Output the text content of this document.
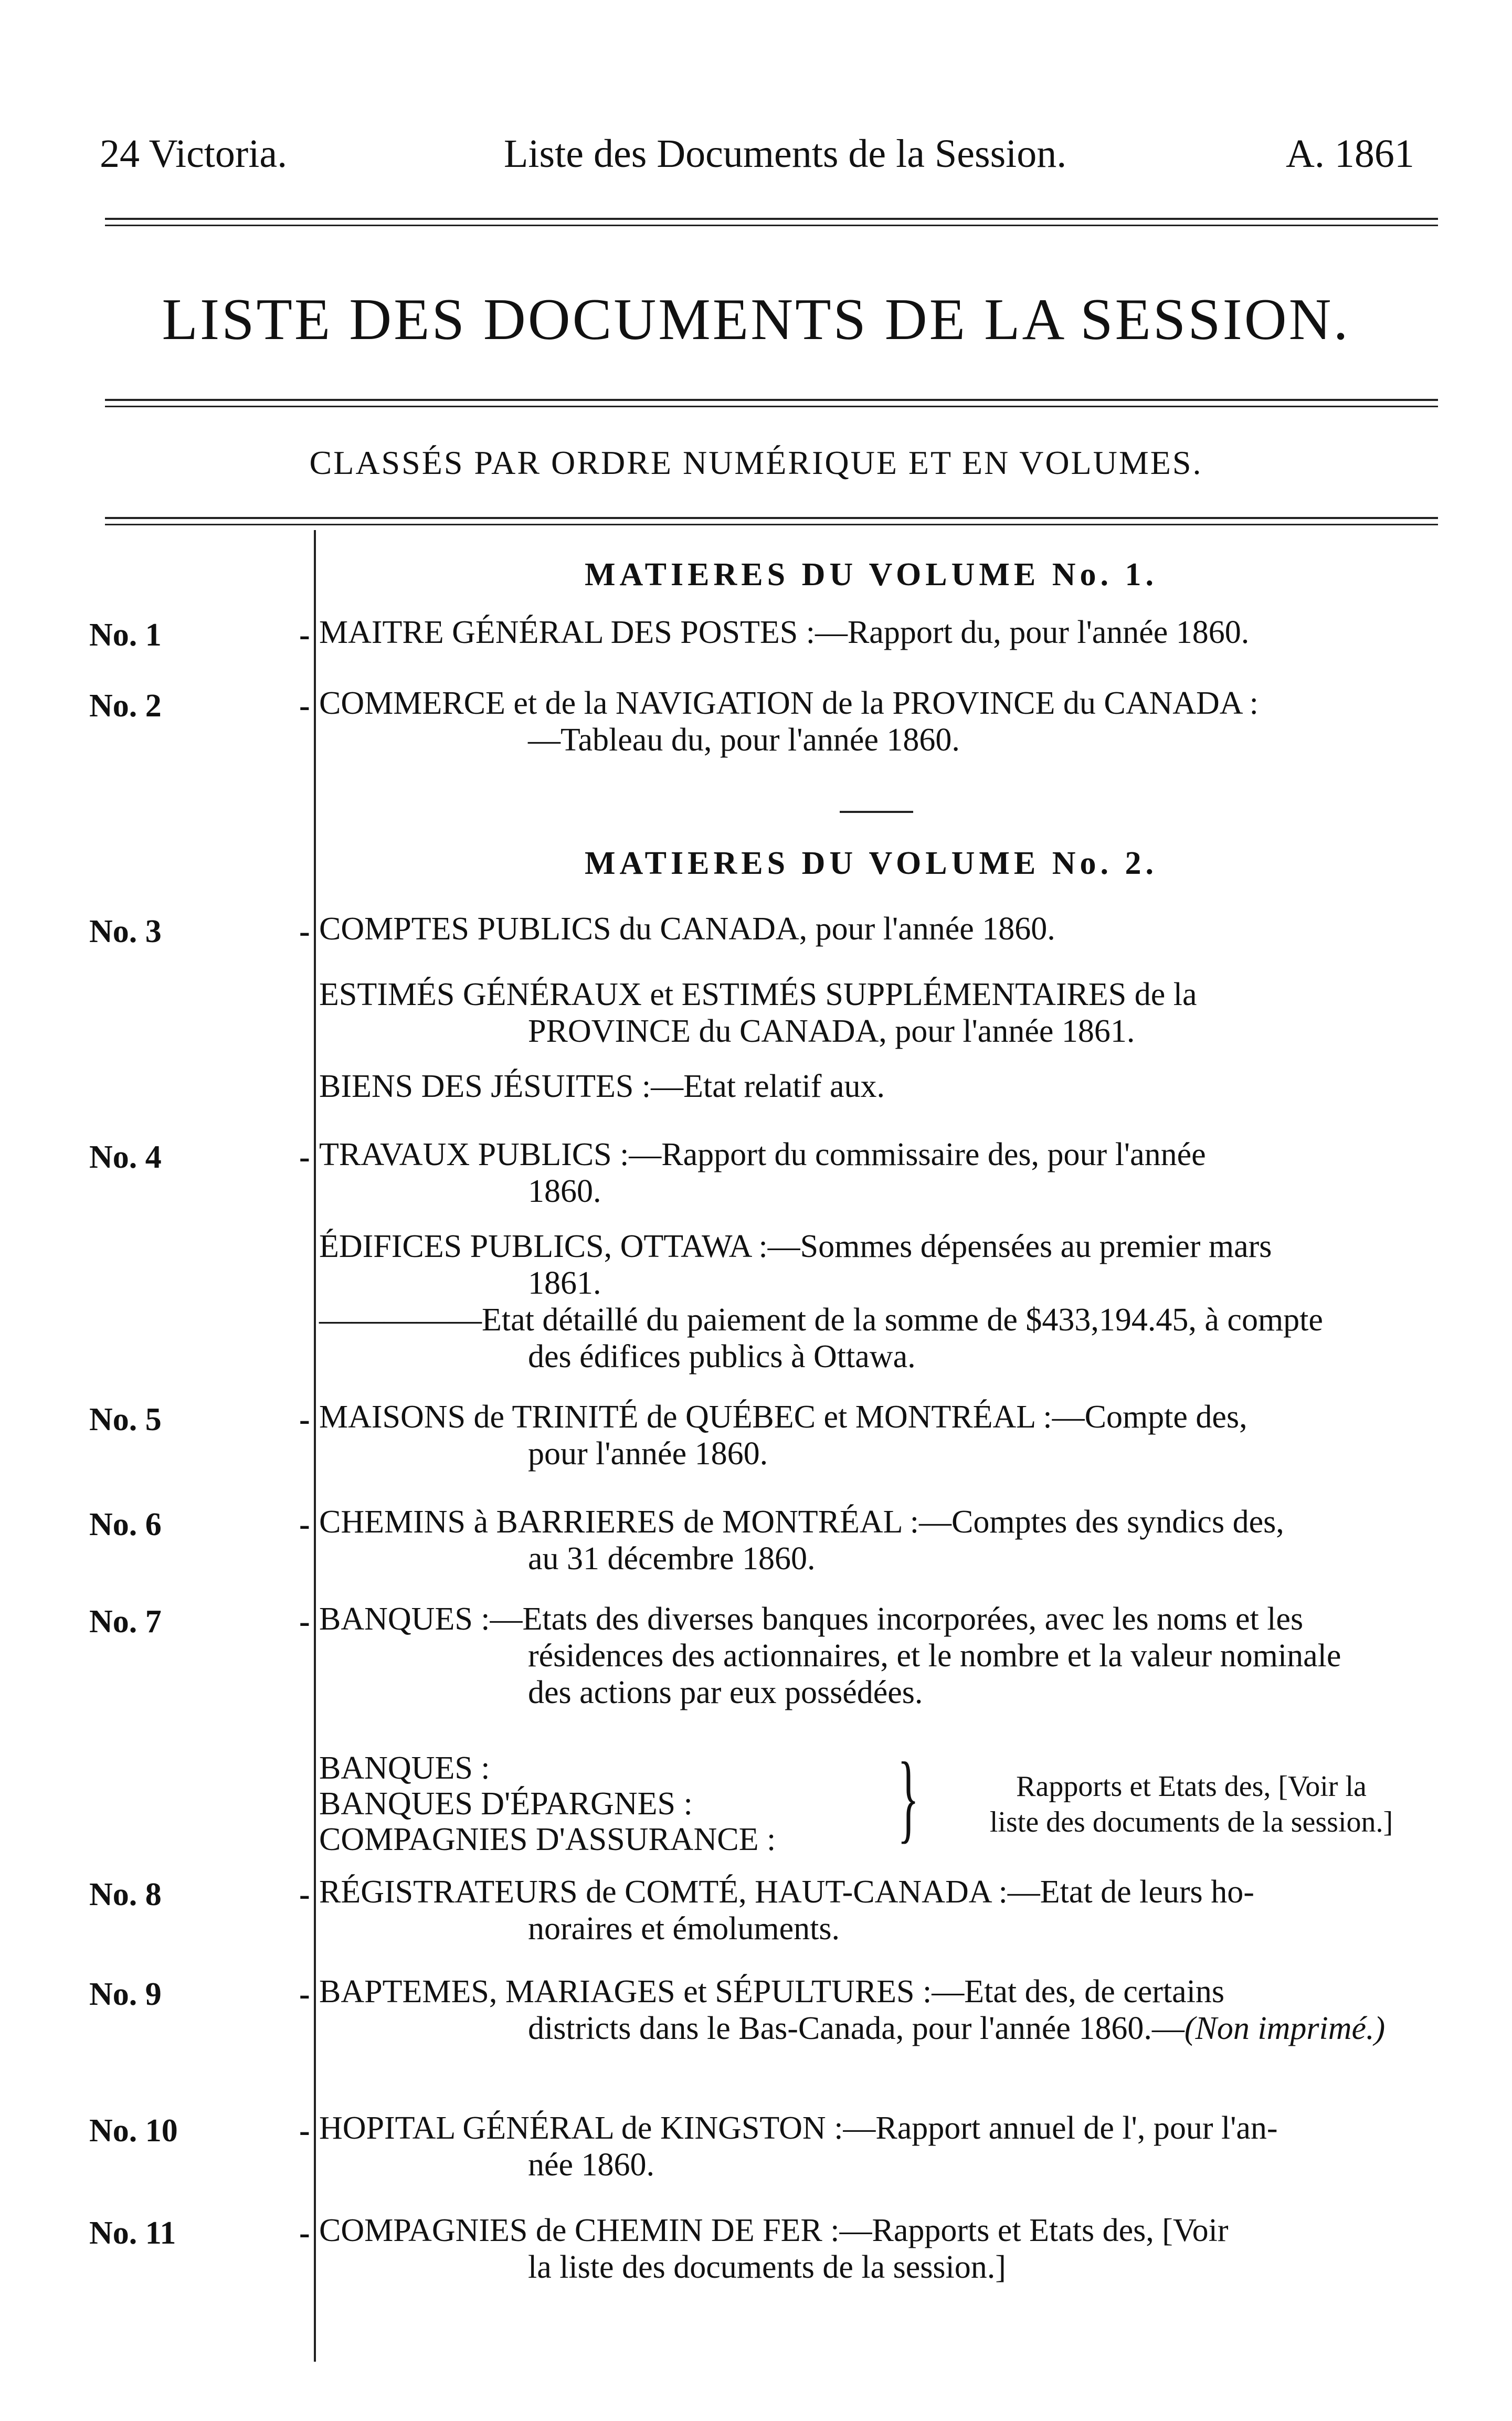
24 Victoria.	Liste des Documents de la Session.	A. 1861
LISTE DES DOCUMENTS DE LA SESSION.
CLASSÉS PAR ORDRE NUMÉRIQUE ET EN VOLUMES.
MATIERES DU VOLUME No. 1.
No. 1	- MAITRE GÉNÉRAL DES POSTES :—Rapport du, pour l'année 1860.
No. 2	- COMMERCE et de la NAVIGATION de la PROVINCE du CANADA :
—Tableau du, pour l'année 1860.
MATIERES DU VOLUME No. 2.
No. 3	- COMPTES PUBLICS du CANADA, pour l'année 1860.
ESTIMÉS GÉNÉRAUX et ESTIMÉS SUPPLÉMENTAIRES de la
PROVINCE du CANADA, pour l'année 1861.
BIENS DES JÉSUITES :—Etat relatif aux.
No. 4	- TRAVAUX PUBLICS :—Rapport du commissaire des, pour l'année
1860.
ÉDIFICES PUBLICS, OTTAWA :—Sommes dépensées au premier mars
1861.
—————Etat détaillé du paiement de la somme de $433,194.45, à compte
des édifices publics à Ottawa.
No. 5	- MAISONS de TRINITÉ de QUÉBEC et MONTRÉAL :—Compte des,
pour l'année 1860.
No. 6	- CHEMINS à BARRIERES de MONTRÉAL :—Comptes des syndics des,
au 31 décembre 1860.
No. 7	- BANQUES :—Etats des diverses banques incorporées, avec les noms et les
résidences des actionnaires, et le nombre et la valeur nominale
des actions par eux possédées.
BANQUES :
BANQUES D'ÉPARGNES :
COMPAGNIES D'ASSURANCE : }	Rapports et Etats des, [Voir la
liste des documents de la session.]
No. 8	- RÉGISTRATEURS de COMTÉ, HAUT-CANADA :—Etat de leurs ho-
noraires et émoluments.
No. 9	- BAPTEMES, MARIAGES et SÉPULTURES :—Etat des, de certains
districts dans le Bas-Canada, pour l'année 1860.—(Non imprimé.)
No. 10	- HOPITAL GÉNÉRAL de KINGSTON :—Rapport annuel de l', pour l'an-
née 1860.
No. 11	- COMPAGNIES de CHEMIN DE FER :—Rapports et Etats des, [Voir
la liste des documents de la session.]
